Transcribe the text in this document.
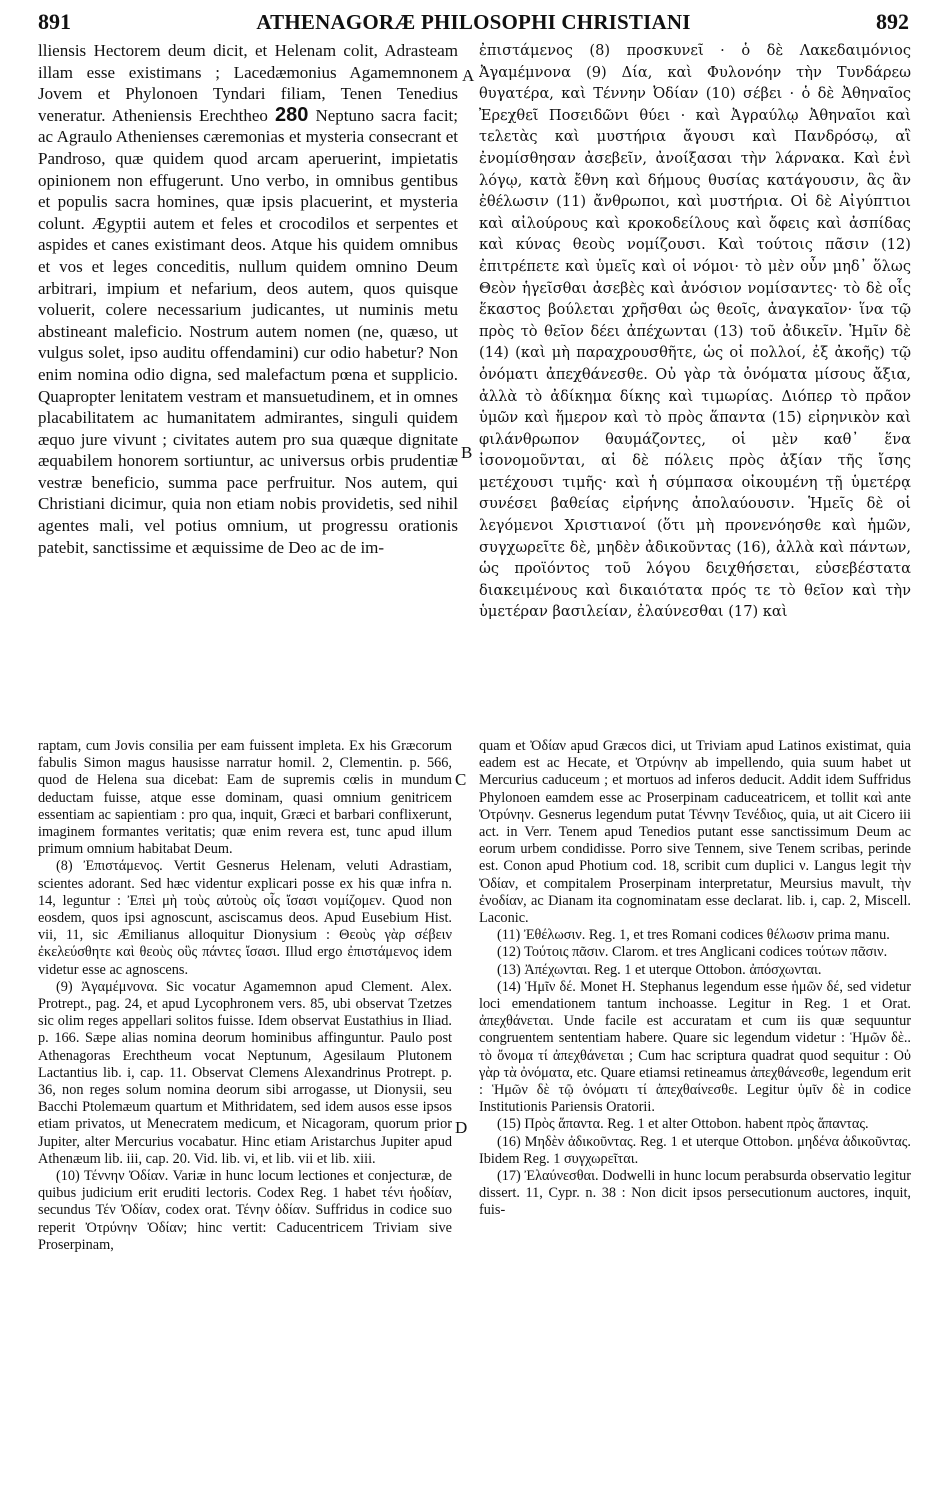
891	ATHENAGORÆ PHILOSOPHI CHRISTIANI	892

lliensis Hectorem deum dicit, et Helenam colit, Adrasteam illam esse existimans ; Lacedæmonius Agamemnonem Jovem et Phylonoen Tyndari filiam, Tenen Tenedius veneratur. Atheniensis Erechtheo 280 Neptuno sacra facit; ac Agraulo Athenienses cæremonias et mysteria consecrant et Pandroso, quæ quidem quod arcam aperuerint, impietatis opinionem non effugerunt. Uno verbo, in omnibus gentibus et populis sacra homines, quæ ipsis placuerint, et mysteria colunt. Ægyptii autem et feles et crocodilos et serpentes et aspides et canes existimant deos. Atque his quidem omnibus et vos et leges conceditis, nullum quidem omnino Deum arbitrari, impium et nefarium, deos autem, quos quisque voluerit, colere necessarium judicantes, ut numinis metu abstineant maleficio. Nostrum autem nomen (ne, quæso, ut vulgus solet, ipso auditu offendamini) cur odio habetur? Non enim nomina odio digna, sed malefactum pœna et supplicio. Quapropter lenitatem vestram et mansuetudinem, et in omnes placabilitatem ac humanitatem admirantes, singuli quidem æquo jure vivunt ; civitates autem pro sua quæque dignitate æquabilem honorem sortiuntur, ac universus orbis prudentiæ vestræ beneficio, summa pace perfruitur. Nos autem, qui Christiani dicimur, quia non etiam nobis providetis, sed nihil agentes mali, vel potius omnium, ut progressu orationis patebit, sanctissime et æquissime de Deo ac de im-

ἐπιστάμενος (8) προσκυνεῖ · ὁ δὲ Λακεδαιμόνιος Ἀγαμέμνονα (9) Δία, καὶ Φυλονόην τὴν Τυνδάρεω θυγατέρα, καὶ Τέννην Ὀδίαν (10) σέβει · ὁ δὲ Ἀθηναῖος Ἐρεχθεῖ Ποσειδῶνι θύει · καὶ Ἀγραύλῳ Ἀθηναῖοι καὶ τελετὰς καὶ μυστήρια ἄγουσι καὶ Πανδρόσῳ, αἳ ἐνομίσθησαν ἀσεβεῖν, ἀνοίξασαι τὴν λάρνακα. Καὶ ἑνὶ λόγῳ, κατὰ ἔθνη καὶ δήμους θυσίας κατάγουσιν, ἃς ἂν ἐθέλωσιν (11) ἄνθρωποι, καὶ μυστήρια. Οἱ δὲ Αἰγύπτιοι καὶ αἰλούρους καὶ κροκοδείλους καὶ ὄφεις καὶ ἀσπίδας καὶ κύνας θεοὺς νομίζουσι. Καὶ τούτοις πᾶσιν (12) ἐπιτρέπετε καὶ ὑμεῖς καὶ οἱ νόμοι· τὸ μὲν οὖν μηδ᾽ ὅλως Θεὸν ἡγεῖσθαι ἀσεβὲς καὶ ἀνόσιον νομίσαντες· τὸ δὲ οἷς ἕκαστος βούλεται χρῆσθαι ὡς θεοῖς, ἀναγκαῖον· ἵνα τῷ πρὸς τὸ θεῖον δέει ἀπέχωνται (13) τοῦ ἀδικεῖν. Ἡμῖν δὲ (14) (καὶ μὴ παραχρουσθῆτε, ὡς οἱ πολλοί, ἐξ ἀκοῆς) τῷ ὀνόματι ἀπεχθάνεσθε. Οὐ γὰρ τὰ ὀνόματα μίσους ἄξια, ἀλλὰ τὸ ἀδίκημα δίκης καὶ τιμωρίας. Διόπερ τὸ πρᾶον ὑμῶν καὶ ἥμερον καὶ τὸ πρὸς ἅπαντα (15) εἰρηνικὸν καὶ φιλάνθρωπον θαυμάζοντες, οἱ μὲν καθ᾽ ἕνα ἰσονομοῦνται, αἱ δὲ πόλεις πρὸς ἀξίαν τῆς ἴσης μετέχουσι τιμῆς· καὶ ἡ σύμπασα οἰκουμένη τῇ ὑμετέρᾳ συνέσει βαθείας εἰρήνης ἀπολαύουσιν. Ἡμεῖς δὲ οἱ λεγόμενοι Χριστιανοί (ὅτι μὴ προνενόησθε καὶ ἡμῶν, συγχωρεῖτε δὲ, μηδὲν ἀδικοῦντας (16), ἀλλὰ καὶ πάντων, ὡς προϊόντος τοῦ λόγου δειχθήσεται, εὐσεβέστατα διακειμένους καὶ δικαιότατα πρός τε τὸ θεῖον καὶ τὴν ὑμετέραν βασιλείαν, ἐλαύνεσθαι (17) καὶ

A
B
C
D

raptam, cum Jovis consilia per eam fuissent impleta. Ex his Græcorum fabulis Simon magus hausisse narratur homil. 2, Clementin. p. 566, quod de Helena sua dicebat: Eam de supremis cœlis in mundum deductam fuisse, atque esse dominam, quasi omnium genitricem essentiam ac sapientiam : pro qua, inquit, Græci et barbari conflixerunt, imaginem formantes veritatis; quæ enim revera est, tunc apud illum primum omnium habitabat Deum.

(8) Ἐπιστάμενος. Vertit Gesnerus Helenam, veluti Adrastiam, scientes adorant. Sed hæc videntur explicari posse ex his quæ infra n. 14, leguntur : Ἐπεὶ μὴ τοὺς αὐτοὺς οἷς ἴσασι νομίζομεν. Quod non eosdem, quos ipsi agnoscunt, asciscamus deos. Apud Eusebium Hist. vii, 11, sic Æmilianus alloquitur Dionysium : Θεοὺς γὰρ σέβειν ἐκελεύσθητε καὶ θεοὺς οὓς πάντες ἴσασι. Illud ergo ἐπιστάμενος idem videtur esse ac agnoscens.

(9) Ἀγαμέμνονα. Sic vocatur Agamemnon apud Clement. Alex. Protrept., pag. 24, et apud Lycophronem vers. 85, ubi observat Tzetzes sic olim reges appellari solitos fuisse. Idem observat Eustathius in Iliad. p. 166. Sæpe alias nomina deorum hominibus affinguntur. Paulo post Athenagoras Erechtheum vocat Neptunum, Agesilaum Plutonem Lactantius lib. i, cap. 11. Observat Clemens Alexandrinus Protrept. p. 36, non reges solum nomina deorum sibi arrogasse, ut Dionysii, seu Bacchi Ptolemæum quartum et Mithridatem, sed idem ausos esse ipsos etiam privatos, ut Menecratem medicum, et Nicagoram, quorum prior Jupiter, alter Mercurius vocabatur. Hinc etiam Aristarchus Jupiter apud Athenæum lib. iii, cap. 20. Vid. lib. vi, et lib. vii et lib. xiii.

(10) Τέννην Ὀδίαν. Variæ in hunc locum lectiones et conjecturæ, de quibus judicium erit eruditi lectoris. Codex Reg. 1 habet τένι ἡοδίαν, secundus Τέν Ὀδίαν, codex orat. Τένην ὀδίαν. Suffridus in codice suo reperit Ὀτρύνην Ὀδίαν; hinc vertit: Caducentricem Triviam sive Proserpinam,

quam et Ὀδίαν apud Græcos dici, ut Triviam apud Latinos existimat, quia eadem est ac Hecate, et Ὀτρύνην ab impellendo, quia suum habet ut Mercurius caduceum ; et mortuos ad inferos deducit. Addit idem Suffridus Phylonoen eamdem esse ac Proserpinam caduceatricem, et tollit καὶ ante Ὀτρύνην. Gesnerus legendum putat Τέννην Τενέδιος, quia, ut ait Cicero iii act. in Verr. Tenem apud Tenedios putant esse sanctissimum Deum ac eorum urbem condidisse. Porro sive Tennem, sive Tenem scribas, perinde est. Conon apud Photium cod. 18, scribit cum duplici ν. Langus legit τὴν Ὀδίαν, et compitalem Proserpinam interpretatur, Meursius mavult, τὴν ἐνοδίαν, ac Dianam ita cognominatam esse declarat. lib. i, cap. 2, Miscell. Laconic.

(11) Ἐθέλωσιν. Reg. 1, et tres Romani codices θέλωσιν prima manu.

(12) Τούτοις πᾶσιν. Clarom. et tres Anglicani codices τούτων πᾶσιν.

(13) Ἀπέχωνται. Reg. 1 et uterque Ottobon. ἀπόσχωνται.

(14) Ἡμῖν δέ. Monet H. Stephanus legendum esse ἡμῶν δέ, sed videtur loci emendationem tantum inchoasse. Legitur in Reg. 1 et Orat. ἀπεχθάνεται. Unde facile est accuratam et cum iis quæ sequuntur congruentem sententiam habere. Quare sic legendum videtur : Ἡμῶν δὲ.. τὸ ὄνομα τί ἀπεχθάνεται ; Cum hac scriptura quadrat quod sequitur : Οὐ γὰρ τὰ ὀνόματα, etc. Quare etiamsi retineamus ἀπεχθάνεσθε, legendum erit : Ἡμῶν δὲ τῷ ὀνόματι τί ἀπεχθαίνεσθε. Legitur ὑμῖν δὲ in codice Institutionis Pariensis Oratorii.

(15) Πρὸς ἅπαντα. Reg. 1 et alter Ottobon. habent πρὸς ἅπαντας.

(16) Μηδὲν ἀδικοῦντας. Reg. 1 et uterque Ottobon. μηδένα ἀδικοῦντας. Ibidem Reg. 1 συγχωρεῖται.

(17) Ἐλαύνεσθαι. Dodwelli in hunc locum perabsurda observatio legitur dissert. 11, Cypr. n. 38 : Non dicit ipsos persecutionum auctores, inquit, fuis-
